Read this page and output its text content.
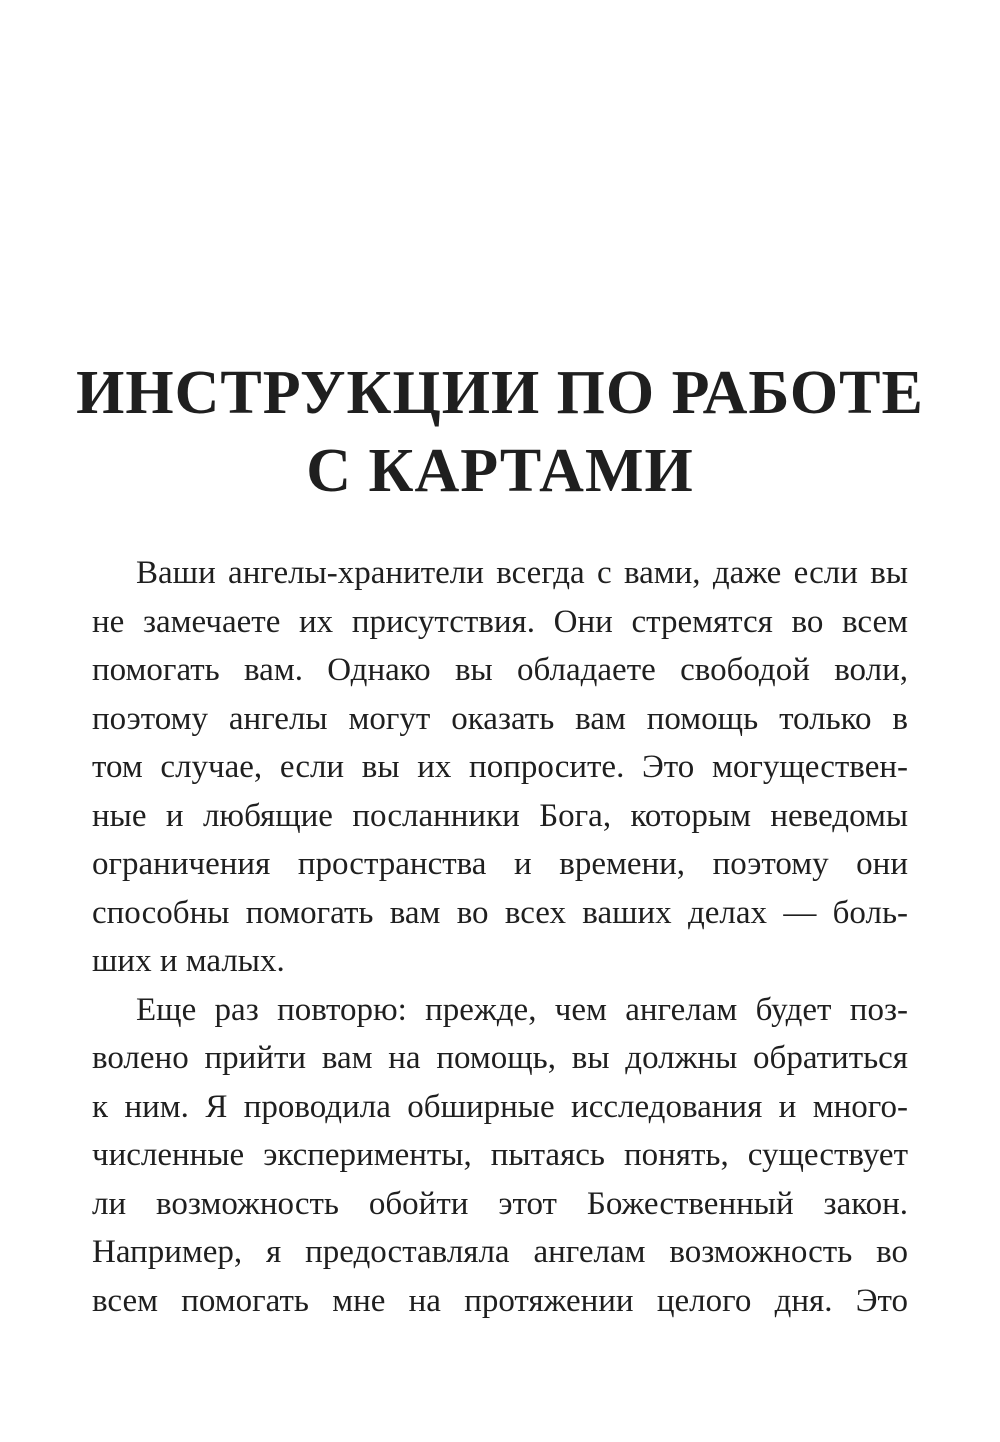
ИНСТРУКЦИИ ПО РАБОТЕ
С КАРТАМИ
Ваши ангелы-хранители всегда с вами, даже если вы
не замечаете их присутствия. Они стремятся во всем
помогать вам. Однако вы обладаете свободой воли,
поэтому ангелы могут оказать вам помощь только в
том случае, если вы их попросите. Это могуществен-
ные и любящие посланники Бога, которым неведомы
ограничения пространства и времени, поэтому они
способны помогать вам во всех ваших делах — боль-
ших и малых.
Еще раз повторю: прежде, чем ангелам будет поз-
волено прийти вам на помощь, вы должны обратиться
к ним. Я проводила обширные исследования и много-
численные эксперименты, пытаясь понять, существует
ли возможность обойти этот Божественный закон.
Например, я предоставляла ангелам возможность во
всем помогать мне на протяжении целого дня. Это
